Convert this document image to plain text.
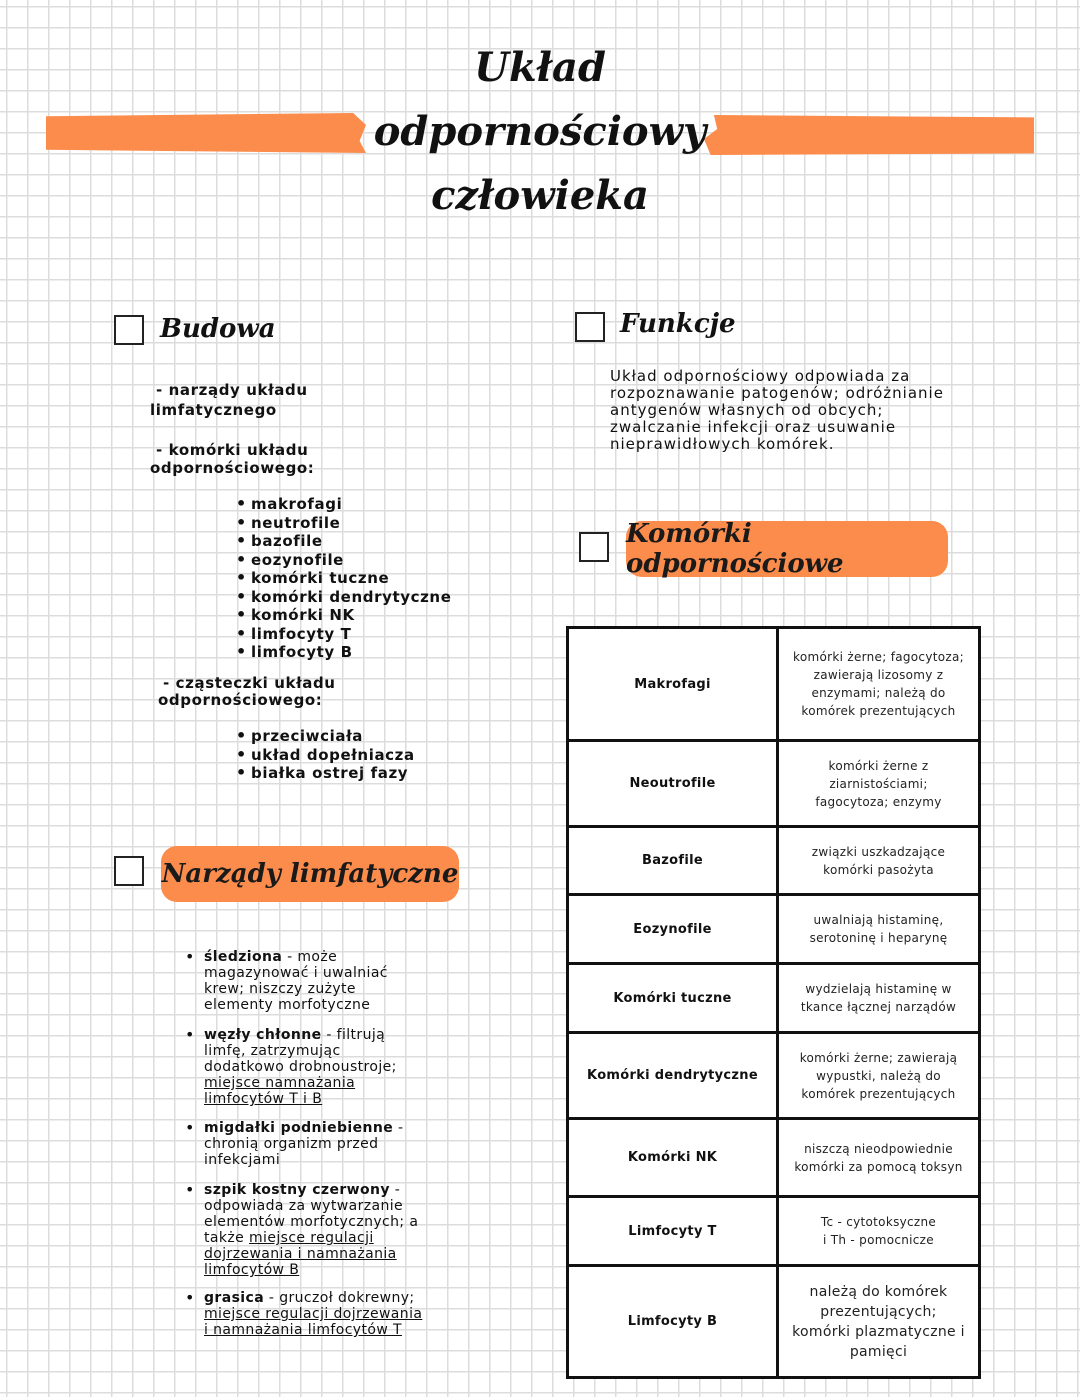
Układ
odpornościowy
człowieka
Budowa
- narządy układu
limfatycznego
- komórki układu
odpornościowego:
• makrofagi
• neutrofile
• bazofile
• eozynofile
• komórki tuczne
• komórki dendrytyczne
• komórki NK
• limfocyty T
• limfocyty B
- cząsteczki układu
odpornościowego:
• przeciwciała
• układ dopełniacza
• białka ostrej fazy
Funkcje
Układ odpornościowy odpowiada za
rozpoznawanie patogenów; odróżnianie
antygenów własnych od obcych;
zwalczanie infekcji oraz usuwanie
nieprawidłowych komórek.
Komórki odpornościowe
Makrofagi	komórki żerne; fagocytoza;
zawierają lizosomy z
enzymami; należą do
komórek prezentujących

Neoutrofile	komórki żerne z
ziarnistościami;
fagocytoza; enzymy

Bazofile	związki uszkadzające
komórki pasożyta

Eozynofile	uwalniają histaminę,
serotoninę i heparynę

Komórki tuczne	wydzielają histaminę w
tkance łącznej narządów

Komórki dendrytyczne	komórki żerne; zawierają
wypustki, należą do
komórek prezentujących

Komórki NK	niszczą nieodpowiednie
komórki za pomocą toksyn

Limfocyty T	Tc - cytotoksyczne
i Th - pomocnicze

Limfocyty B	należą do komórek
prezentujących;
komórki plazmatyczne i
pamięci
Narządy limfatyczne
• śledziona - może magazynować i uwalniać krew; niszczy zużyte elementy morfotyczne
• węzły chłonne - filtrują limfę, zatrzymując dodatkowo drobnoustroje; miejsce namnażania limfocytów T i B
• migdałki podniebienne - chronią organizm przed infekcjami
• szpik kostny czerwony - odpowiada za wytwarzanie elementów morfotycznych; a także miejsce regulacji dojrzewania i namnażania limfocytów B
• grasica - gruczoł dokrewny; miejsce regulacji dojrzewania i namnażania limfocytów T
